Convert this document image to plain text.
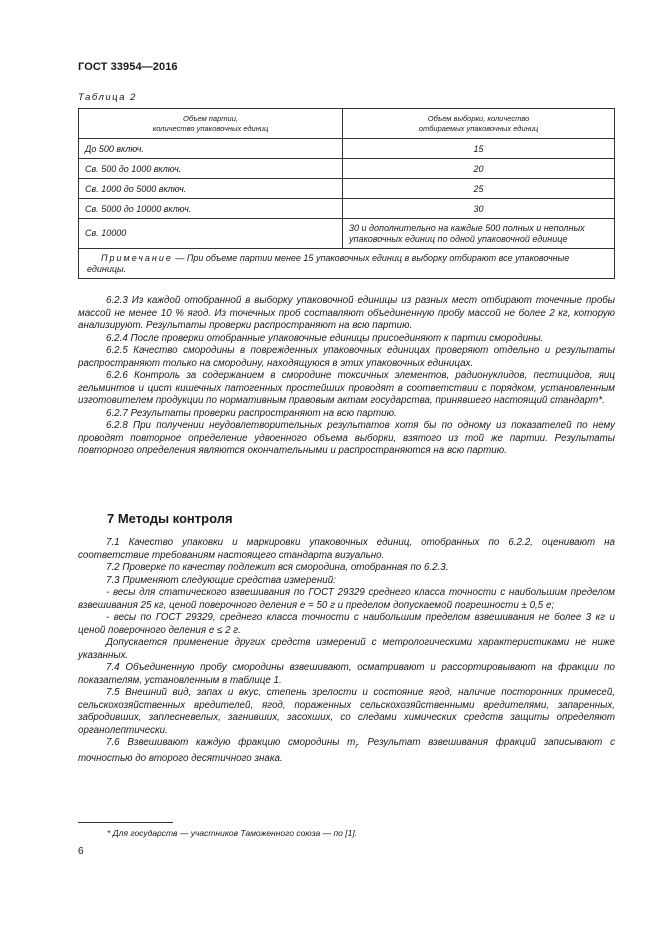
ГОСТ 33954—2016
Таблица 2
Объем партии,
количество упаковочных единиц	Объем выборки, количество
отбираемых упаковочных единиц
До 500 включ.	15
Св. 500 до 1000 включ.	20
Св. 1000 до 5000 включ.	25
Св. 5000 до 10000 включ.	30
Св. 10000	30 и дополнительно на каждые 500 полных и неполных упаковочных единиц по одной упаковочной единице
Примечание — При объеме партии менее 15 упаковочных единиц в выборку отбирают все упаковочные единицы.	

6.2.3 Из каждой отобранной в выборку упаковочной единицы из разных мест отбирают точечные пробы массой не менее 10 % ягод. Из точечных проб составляют объединенную пробу массой не более 2 кг, которую анализируют. Результаты проверки распространяют на всю партию.

6.2.4 После проверки отобранные упаковочные единицы присоединяют к партии смородины.

6.2.5 Качество смородины в поврежденных упаковочных единицах проверяют отдельно и результаты распространяют только на смородину, находящуюся в этих упаковочных единицах.

6.2.6 Контроль за содержанием в смородине токсичных элементов, радионуклидов, пестицидов, яиц гельминтов и цист кишечных патогенных простейших проводят в соответствии с порядком, установленным изготовителем продукции по нормативным правовым актам государства, принявшего настоящий стандарт*.

6.2.7 Результаты проверки распространяют на всю партию.

6.2.8 При получении неудовлетворительных результатов хотя бы по одному из показателей по нему проводят повторное определение удвоенного объема выборки, взятого из той же партии. Результаты повторного определения являются окончательными и распространяются на всю партию.

7 Методы контроля

7.1 Качество упаковки и маркировки упаковочных единиц, отобранных по 6.2.2, оценивают на соответствие требованиям настоящего стандарта визуально.

7.2 Проверке по качеству подлежит вся смородина, отобранная по 6.2.3.

7.3 Применяют следующие средства измерений:

- весы для статического взвешивания по ГОСТ 29329 среднего класса точности с наибольшим пределом взвешивания 25 кг, ценой поверочного деления е = 50 г и пределом допускаемой погрешности ± 0,5 е;

- весы по ГОСТ 29329, среднего класса точности с наибольшим пределом взвешивания не более 3 кг и ценой поверочного деления е ≤ 2 г.

Допускается применение других средств измерений с метрологическими характеристиками не ниже указанных.

7.4 Объединенную пробу смородины взвешивают, осматривают и рассортировывают на фракции по показателям, установленным в таблице 1.

7.5 Внешний вид, запах и вкус, степень зрелости и состояние ягод, наличие посторонних примесей, сельскохозяйственных вредителей, ягод, пораженных сельскохозяйственными вредителями, запаренных, забродивших, заплесневелых, загнивших, засохших, со следами химических средств защиты определяют органолептически.

7.6 Взвешивают каждую фракцию смородины $m_i$. Результат взвешивания фракций записывают с точностью до второго десятичного знака.

* Для государств — участников Таможенного союза — по [1].
6
